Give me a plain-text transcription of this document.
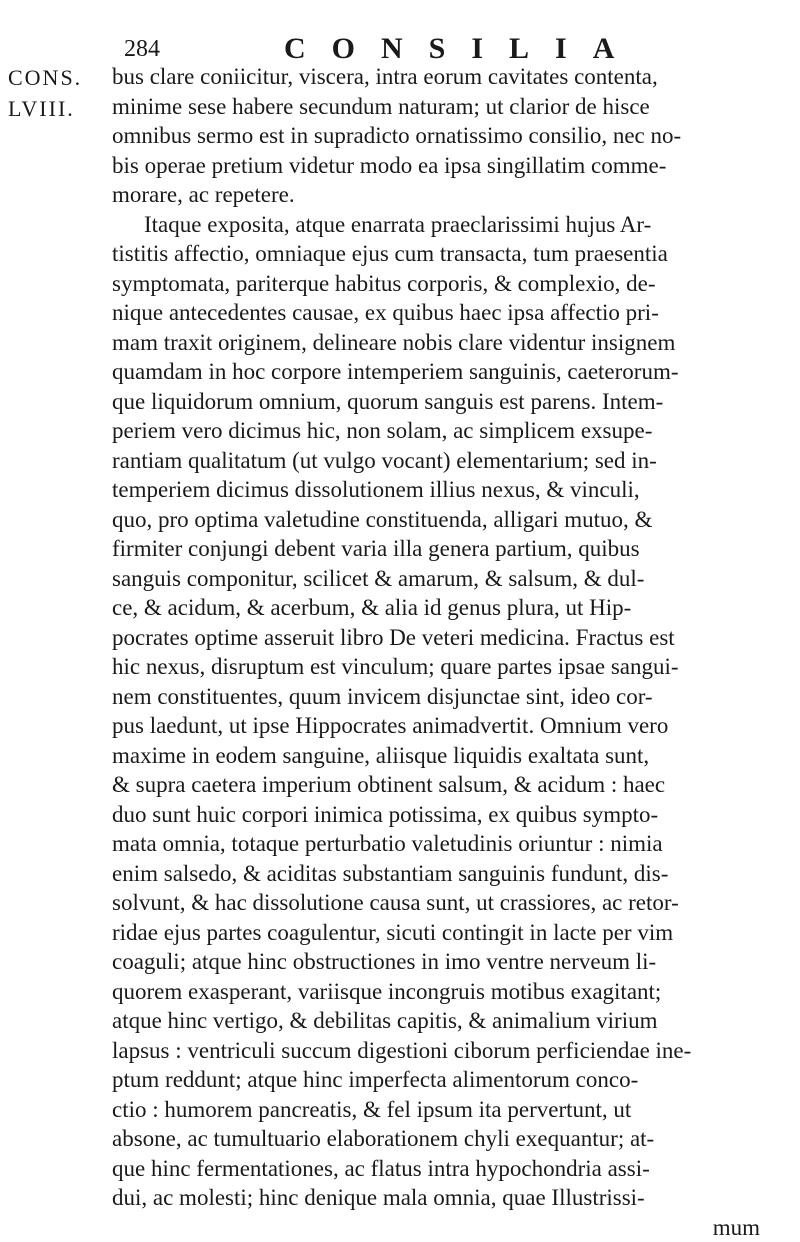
284	CONSILIA
CONS.
LVIII.
bus clare coniicitur, viscera, intra eorum cavitates contenta,
minime sese habere secundum naturam; ut clarior de hisce
omnibus sermo est in supradicto ornatissimo consilio, nec no-
bis operae pretium videtur modo ea ipsa singillatim comme-
morare, ac repetere.
Itaque exposita, atque enarrata praeclarissimi hujus Ar-
tistitis affectio, omniaque ejus cum transacta, tum praesentia
symptomata, pariterque habitus corporis, & complexio, de-
nique antecedentes causae, ex quibus haec ipsa affectio pri-
mam traxit originem, delineare nobis clare videntur insignem
quamdam in hoc corpore intemperiem sanguinis, caeterorum-
que liquidorum omnium, quorum sanguis est parens. Intem-
periem vero dicimus hic, non solam, ac simplicem exsupe-
rantiam qualitatum (ut vulgo vocant) elementarium; sed in-
temperiem dicimus dissolutionem illius nexus, & vinculi,
quo, pro optima valetudine constituenda, alligari mutuo, &
firmiter conjungi debent varia illa genera partium, quibus
sanguis componitur, scilicet & amarum, & salsum, & dul-
ce, & acidum, & acerbum, & alia id genus plura, ut Hip-
pocrates optime asseruit libro De veteri medicina. Fractus est
hic nexus, disruptum est vinculum; quare partes ipsae sangui-
nem constituentes, quum invicem disjunctae sint, ideo cor-
pus laedunt, ut ipse Hippocrates animadvertit. Omnium vero
maxime in eodem sanguine, aliisque liquidis exaltata sunt,
& supra caetera imperium obtinent salsum, & acidum : haec
duo sunt huic corpori inimica potissima, ex quibus sympto-
mata omnia, totaque perturbatio valetudinis oriuntur : nimia
enim salsedo, & aciditas substantiam sanguinis fundunt, dis-
solvunt, & hac dissolutione causa sunt, ut crassiores, ac retor-
ridae ejus partes coagulentur, sicuti contingit in lacte per vim
coaguli; atque hinc obstructiones in imo ventre nerveum li-
quorem exasperant, variisque incongruis motibus exagitant;
atque hinc vertigo, & debilitas capitis, & animalium virium
lapsus : ventriculi succum digestioni ciborum perficiendae ine-
ptum reddunt; atque hinc imperfecta alimentorum conco-
ctio : humorem pancreatis, & fel ipsum ita pervertunt, ut
absone, ac tumultuario elaborationem chyli exequantur; at-
que hinc fermentationes, ac flatus intra hypochondria assi-
dui, ac molesti; hinc denique mala omnia, quae Illustrissi-
mum
